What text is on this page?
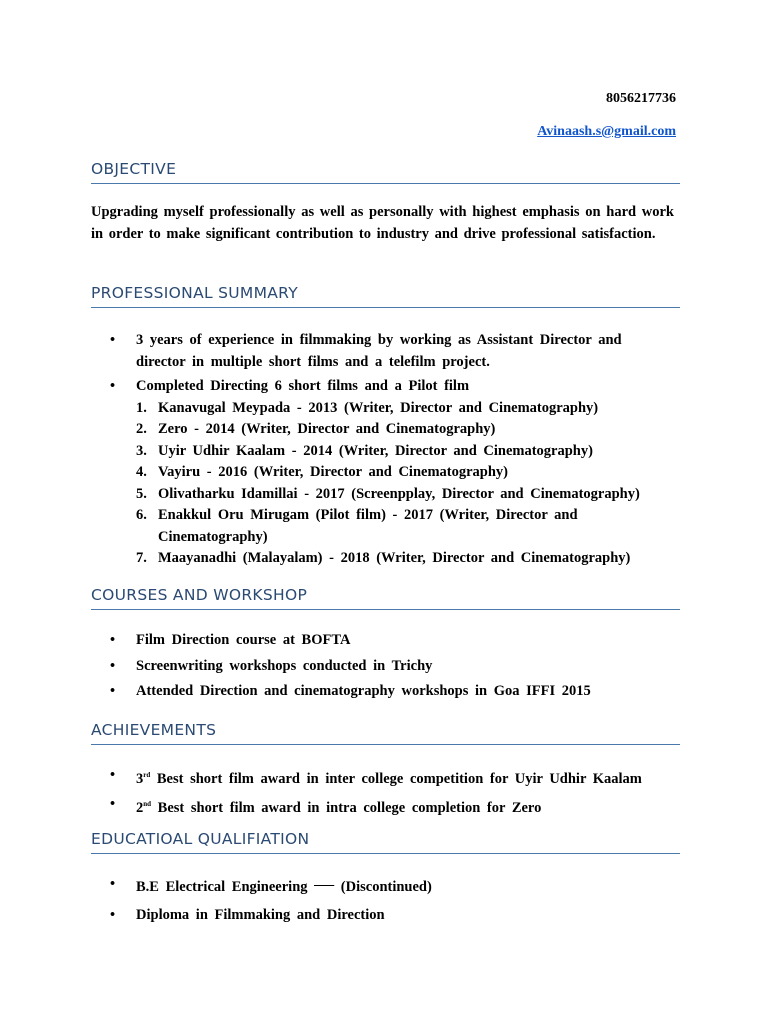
8056217736
Avinaash.s@gmail.com
OBJECTIVE
Upgrading myself professionally as well as personally with highest emphasis on hard work in order to make significant contribution to industry and drive professional satisfaction.
PROFESSIONAL SUMMARY
• 3 years of experience in filmmaking by working as Assistant Director and director in multiple short films and a telefilm project.
• Completed Directing 6 short films and a Pilot film
1. Kanavugal Meypada - 2013 (Writer, Director and Cinematography)
2. Zero - 2014 (Writer, Director and Cinematography)
3. Uyir Udhir Kaalam - 2014 (Writer, Director and Cinematography)
4. Vayiru - 2016 (Writer, Director and Cinematography)
5. Olivatharku Idamillai - 2017 (Screenpplay, Director and Cinematography)
6. Enakkul Oru Mirugam (Pilot film) - 2017 (Writer, Director and Cinematography)
7. Maayanadhi (Malayalam) - 2018 (Writer, Director and Cinematography)
COURSES AND WORKSHOP
• Film Direction course at BOFTA
• Screenwriting workshops conducted in Trichy
• Attended Direction and cinematography workshops in Goa IFFI 2015
ACHIEVEMENTS
• 3rd Best short film award in inter college competition for Uyir Udhir Kaalam
• 2nd Best short film award in intra college completion for Zero
EDUCATIOAL QUALIFIATION
• B.E Electrical Engineering — (Discontinued)
• Diploma in Filmmaking and Direction
